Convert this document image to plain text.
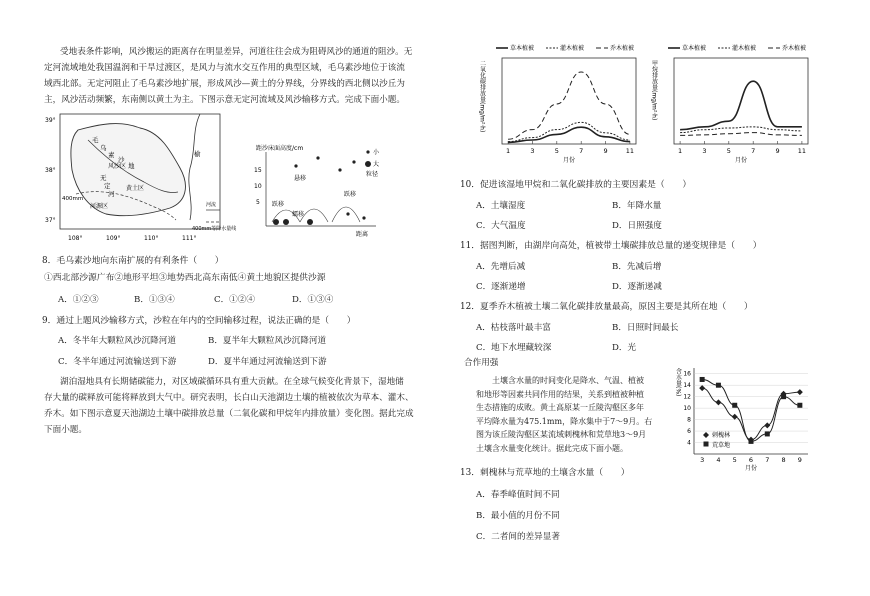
受地表条件影响，风沙搬运的距离存在明显差异，河道往往会成为阻碍风沙的通道的阻沙。无

定河流域地处我国温润和干旱过渡区，是风力与流水交互作用的典型区域，毛乌素沙地位于该流

域西北部。无定河阻止了毛乌素沙地扩展，形成风沙—黄土的分界线，分界线的西北侧以沙丘为

主，风沙活动频繁，东南侧以黄土为主。下图示意无定河流域及风沙输移方式。完成下面小题。

39°
38°
37°
108°	109°	110°	111°
毛
乌
素
沙
风沙区 地
黄土区
无
定
河
河源区
榆
400mm
河流
400mm等降水量线
距沙床面高度/cm
15
10
5
距离
悬移
跃移
跃移
蠕移
小
大
粒径
8．毛乌素沙地向东南扩展的有利条件（　　）
①西北部沙源广布②地形平坦③地势西北高东南低④黄土地貌区提供沙源
A．①②③	B．①③④	C．①②④	D．①③④
9．通过上题风沙输移方式，沙粒在年内的空间输移过程，说法正确的是（　　）
A．冬半年大颗粒风沙沉降河道	B．夏半年大颗粒风沙沉降河道
C．冬半年通过河流输送到下游	D．夏半年通过河流输送到下游

湖泊湿地具有长期储碳能力，对区域碳循环具有重大贡献。在全球气候变化背景下，湿地储

存大量的碳释放可能将释放到大气中。研究表明，长白山天池湖边土壤的植被依次为草本、灌木、

乔木。如下图示意夏天池湖边土壤中碳排放总量（二氧化碳和甲烷年内排放量）变化图。据此完成

下面小题。

草本植被	灌木植被	乔木植被
二氧化碳排放量(mg/m²·h)
1	3	5	7	9	11
月份
草本植被	灌木植被	乔木植被
甲烷排放量(mg/m²·h)
1	3	5	7	9	11
月份
10．促进该湿地甲烷和二氧化碳排放的主要因素是（　　）
A．土壤湿度	B．年降水量
C．大气温度	D．日照强度
11．据图判断，由湖岸向高处，植被带土壤碳排放总量的递变规律是（　　）
A．先增后减	B．先减后增
C．逐渐递增	D．逐渐递减
12．夏季乔木植被土壤二氧化碳排放量最高，原因主要是其所在地（　　）
A．枯枝落叶最丰富	B．日照时间最长
C．地下水埋藏较深	D．光
合作用强

土壤含水量的时间变化是降水、气温、植被

和地形等因素共同作用的结果，关系到植被种植

生态措施的成败。黄土高原某一丘陵沟壑区多年

平均降水量为475.1mm，降水集中于7～9月。右

图为该丘陵沟壑区某流域刺槐林和荒草地3～9月

土壤含水量变化统计。据此完成下面小题。

含水量(%)
4
6
8
10
12
14
16
3 4 5 6 7 8 9
月份
刺槐林
荒草地
13．刺槐林与荒草地的土壤含水量（　　）
A．春季峰值时间不同
B．最小值的月份不同
C．二者间的差异显著
